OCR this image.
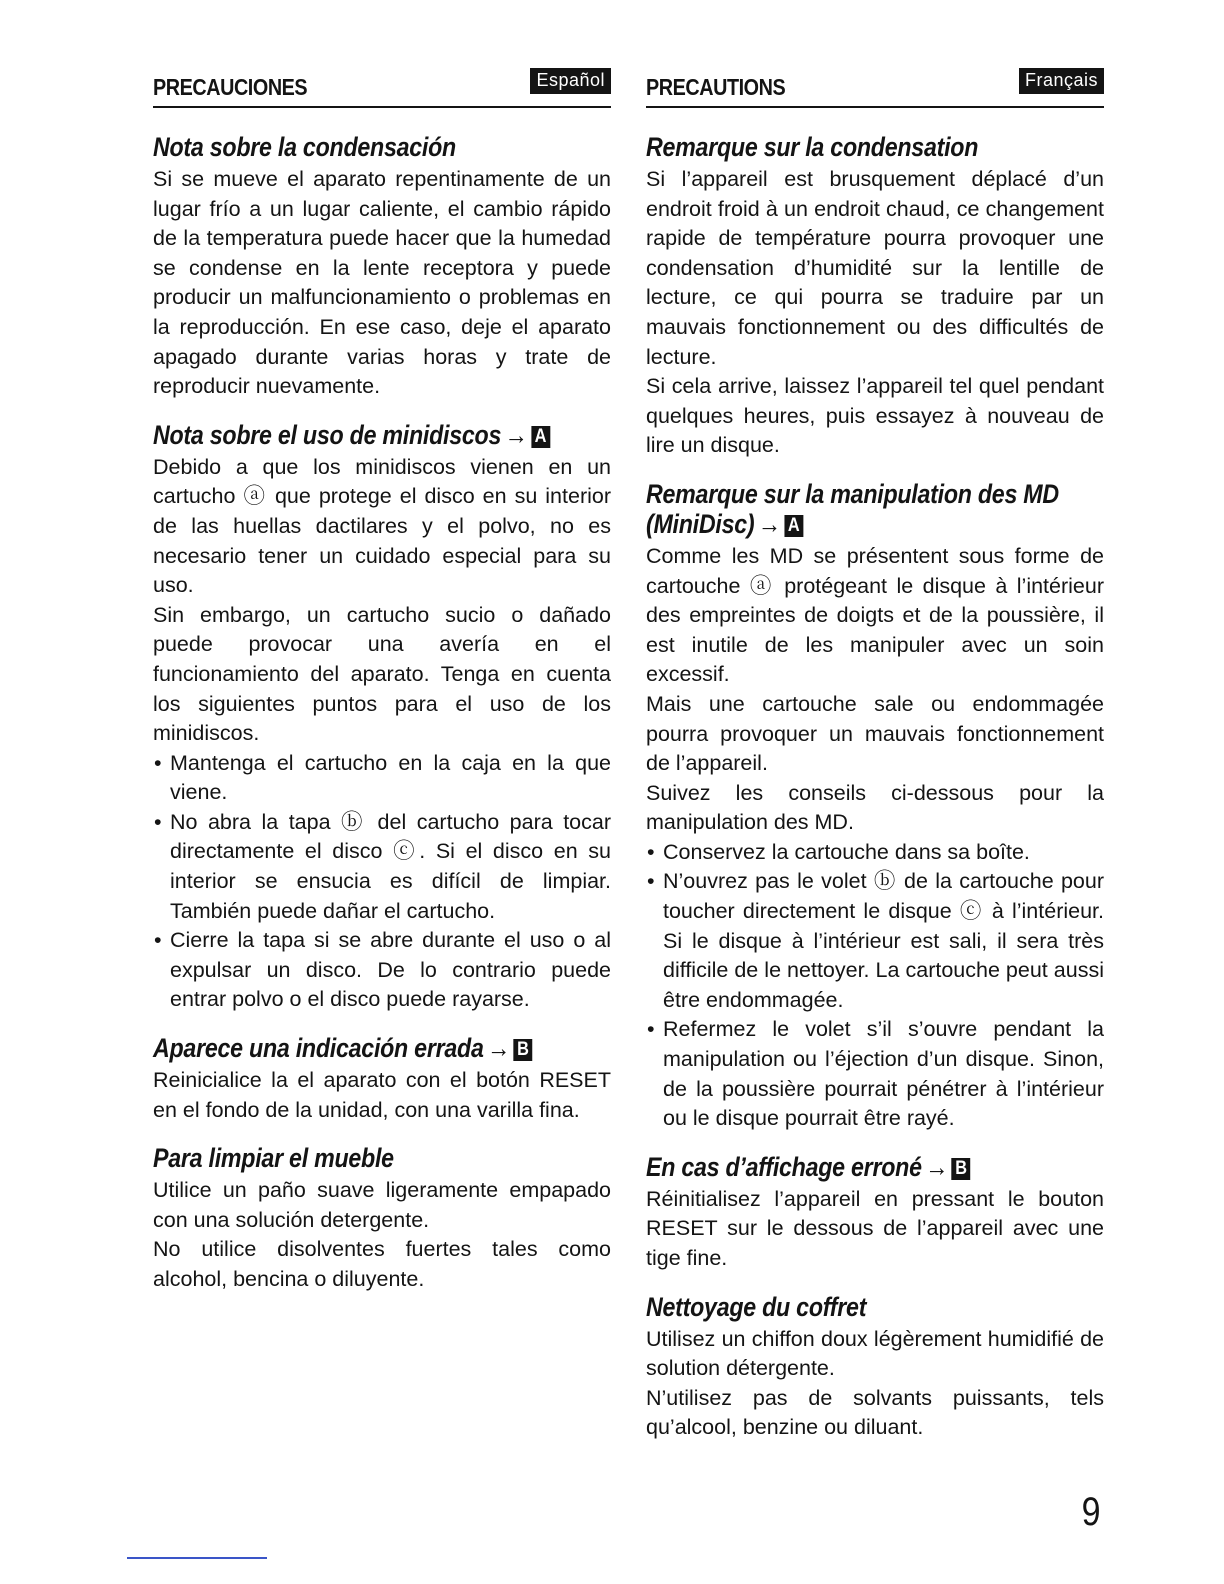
PRECAUCIONES	Español
Nota sobre la condensación

Si se mueve el aparato repentinamente de un lugar frío a un lugar caliente, el cambio rápido de la temperatura puede hacer que la humedad se condense en la lente receptora y puede producir un malfuncionamiento o problemas en la reproducción. En ese caso, deje el aparato apagado durante varias horas y trate de reproducir nuevamente.

Nota sobre el uso de minidiscos → A

Debido a que los minidiscos vienen en un cartucho ⓐ que protege el disco en su interior de las huellas dactilares y el polvo, no es necesario tener un cuidado especial para su uso.

Sin embargo, un cartucho sucio o dañado puede provocar una avería en el funcionamiento del aparato. Tenga en cuenta los siguientes puntos para el uso de los minidiscos.

• Mantenga el cartucho en la caja en la que viene.
• No abra la tapa ⓑ del cartucho para tocar directamente el disco ⓒ. Si el disco en su interior se ensucia es difícil de limpiar. También puede dañar el cartucho.
• Cierre la tapa si se abre durante el uso o al expulsar un disco. De lo contrario puede entrar polvo o el disco puede rayarse.
Aparece una indicación errada → B

Reinicialice la el aparato con el botón RESET en el fondo de la unidad, con una varilla fina.

Para limpiar el mueble

Utilice un paño suave ligeramente empapado con una solución detergente.

No utilice disolventes fuertes tales como alcohol, bencina o diluyente.

PRECAUTIONS	Français
Remarque sur la condensation

Si l’appareil est brusquement déplacé d’un endroit froid à un endroit chaud, ce changement rapide de température pourra provoquer une condensation d’humidité sur la lentille de lecture, ce qui pourra se traduire par un mauvais fonctionnement ou des difficultés de lecture.

Si cela arrive, laissez l’appareil tel quel pendant quelques heures, puis essayez à nouveau de lire un disque.

Remarque sur la manipulation des MD (MiniDisc) → A

Comme les MD se présentent sous forme de cartouche ⓐ protégeant le disque à l’intérieur des empreintes de doigts et de la poussière, il est inutile de les manipuler avec un soin excessif.

Mais une cartouche sale ou endommagée pourra provoquer un mauvais fonctionnement de l’appareil.

Suivez les conseils ci-dessous pour la manipulation des MD.

• Conservez la cartouche dans sa boîte.
• N’ouvrez pas le volet ⓑ de la cartouche pour toucher directement le disque ⓒ à l’intérieur. Si le disque à l’intérieur est sali, il sera très difficile de le nettoyer. La cartouche peut aussi être endommagée.
• Refermez le volet s’il s’ouvre pendant la manipulation ou l’éjection d’un disque. Sinon, de la poussière pourrait pénétrer à l’intérieur ou le disque pourrait être rayé.
En cas d’affichage erroné → B

Réinitialisez l’appareil en pressant le bouton RESET sur le dessous de l’appareil avec une tige fine.

Nettoyage du coffret

Utilisez un chiffon doux légèrement humidifié de solution détergente.

N’utilisez pas de solvants puissants, tels qu’alcool, benzine ou diluant.

9
